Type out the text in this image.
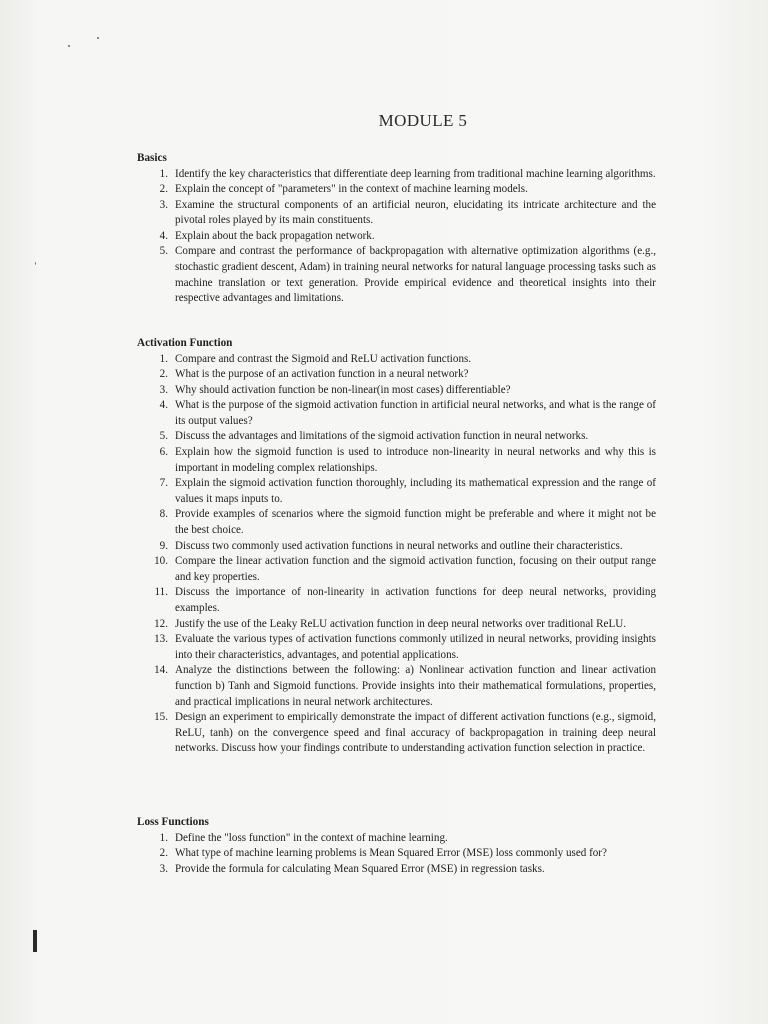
MODULE 5
Basics
1. Identify the key characteristics that differentiate deep learning from traditional machine learning algorithms.
2. Explain the concept of "parameters" in the context of machine learning models.
3. Examine the structural components of an artificial neuron, elucidating its intricate architecture and the pivotal roles played by its main constituents.
4. Explain about the back propagation network.
5. Compare and contrast the performance of backpropagation with alternative optimization algorithms (e.g., stochastic gradient descent, Adam) in training neural networks for natural language processing tasks such as machine translation or text generation. Provide empirical evidence and theoretical insights into their respective advantages and limitations.
Activation Function
1. Compare and contrast the Sigmoid and ReLU activation functions.
2. What is the purpose of an activation function in a neural network?
3. Why should activation function be non-linear(in most cases) differentiable?
4. What is the purpose of the sigmoid activation function in artificial neural networks, and what is the range of its output values?
5. Discuss the advantages and limitations of the sigmoid activation function in neural networks.
6. Explain how the sigmoid function is used to introduce non-linearity in neural networks and why this is important in modeling complex relationships.
7. Explain the sigmoid activation function thoroughly, including its mathematical expression and the range of values it maps inputs to.
8. Provide examples of scenarios where the sigmoid function might be preferable and where it might not be the best choice.
9. Discuss two commonly used activation functions in neural networks and outline their characteristics.
10. Compare the linear activation function and the sigmoid activation function, focusing on their output range and key properties.
11. Discuss the importance of non-linearity in activation functions for deep neural networks, providing examples.
12. Justify the use of the Leaky ReLU activation function in deep neural networks over traditional ReLU.
13. Evaluate the various types of activation functions commonly utilized in neural networks, providing insights into their characteristics, advantages, and potential applications.
14. Analyze the distinctions between the following: a) Nonlinear activation function and linear activation function b) Tanh and Sigmoid functions. Provide insights into their mathematical formulations, properties, and practical implications in neural network architectures.
15. Design an experiment to empirically demonstrate the impact of different activation functions (e.g., sigmoid, ReLU, tanh) on the convergence speed and final accuracy of backpropagation in training deep neural networks. Discuss how your findings contribute to understanding activation function selection in practice.
Loss Functions
1. Define the "loss function" in the context of machine learning.
2. What type of machine learning problems is Mean Squared Error (MSE) loss commonly used for?
3. Provide the formula for calculating Mean Squared Error (MSE) in regression tasks.
